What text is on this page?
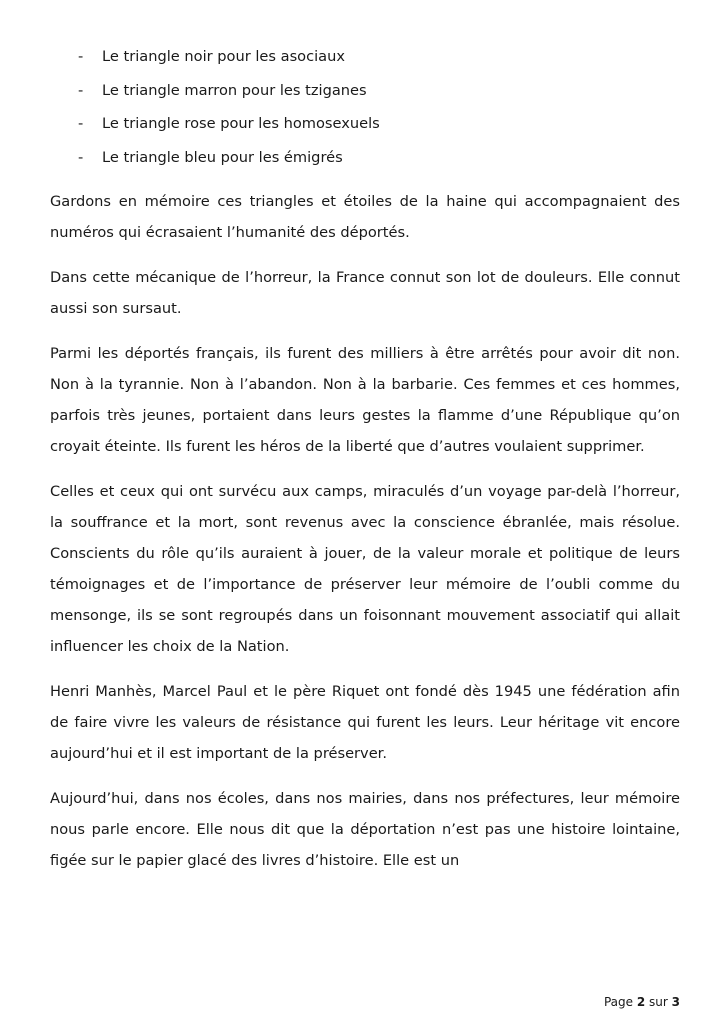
- Le triangle noir pour les asociaux
- Le triangle marron pour les tziganes
- Le triangle rose pour les homosexuels
- Le triangle bleu pour les émigrés

Gardons en mémoire ces triangles et étoiles de la haine qui accompagnaient des numéros qui écrasaient l’humanité des déportés.

Dans cette mécanique de l’horreur, la France connut son lot de douleurs. Elle connut aussi son sursaut.

Parmi les déportés français, ils furent des milliers à être arrêtés pour avoir dit non. Non à la tyrannie. Non à l’abandon. Non à la barbarie. Ces femmes et ces hommes, parfois très jeunes, portaient dans leurs gestes la flamme d’une République qu’on croyait éteinte. Ils furent les héros de la liberté que d’autres voulaient supprimer.

Celles et ceux qui ont survécu aux camps, miraculés d’un voyage par-delà l’horreur, la souffrance et la mort, sont revenus avec la conscience ébranlée, mais résolue. Conscients du rôle qu’ils auraient à jouer, de la valeur morale et politique de leurs témoignages et de l’importance de préserver leur mémoire de l’oubli comme du mensonge, ils se sont regroupés dans un foisonnant mouvement associatif qui allait influencer les choix de la Nation.

Henri Manhès, Marcel Paul et le père Riquet ont fondé dès 1945 une fédération afin de faire vivre les valeurs de résistance qui furent les leurs. Leur héritage vit encore aujourd’hui et il est important de la préserver.

Aujourd’hui, dans nos écoles, dans nos mairies, dans nos préfectures, leur mémoire nous parle encore. Elle nous dit que la déportation n’est pas une histoire lointaine, figée sur le papier glacé des livres d’histoire. Elle est un

Page 2 sur 3
